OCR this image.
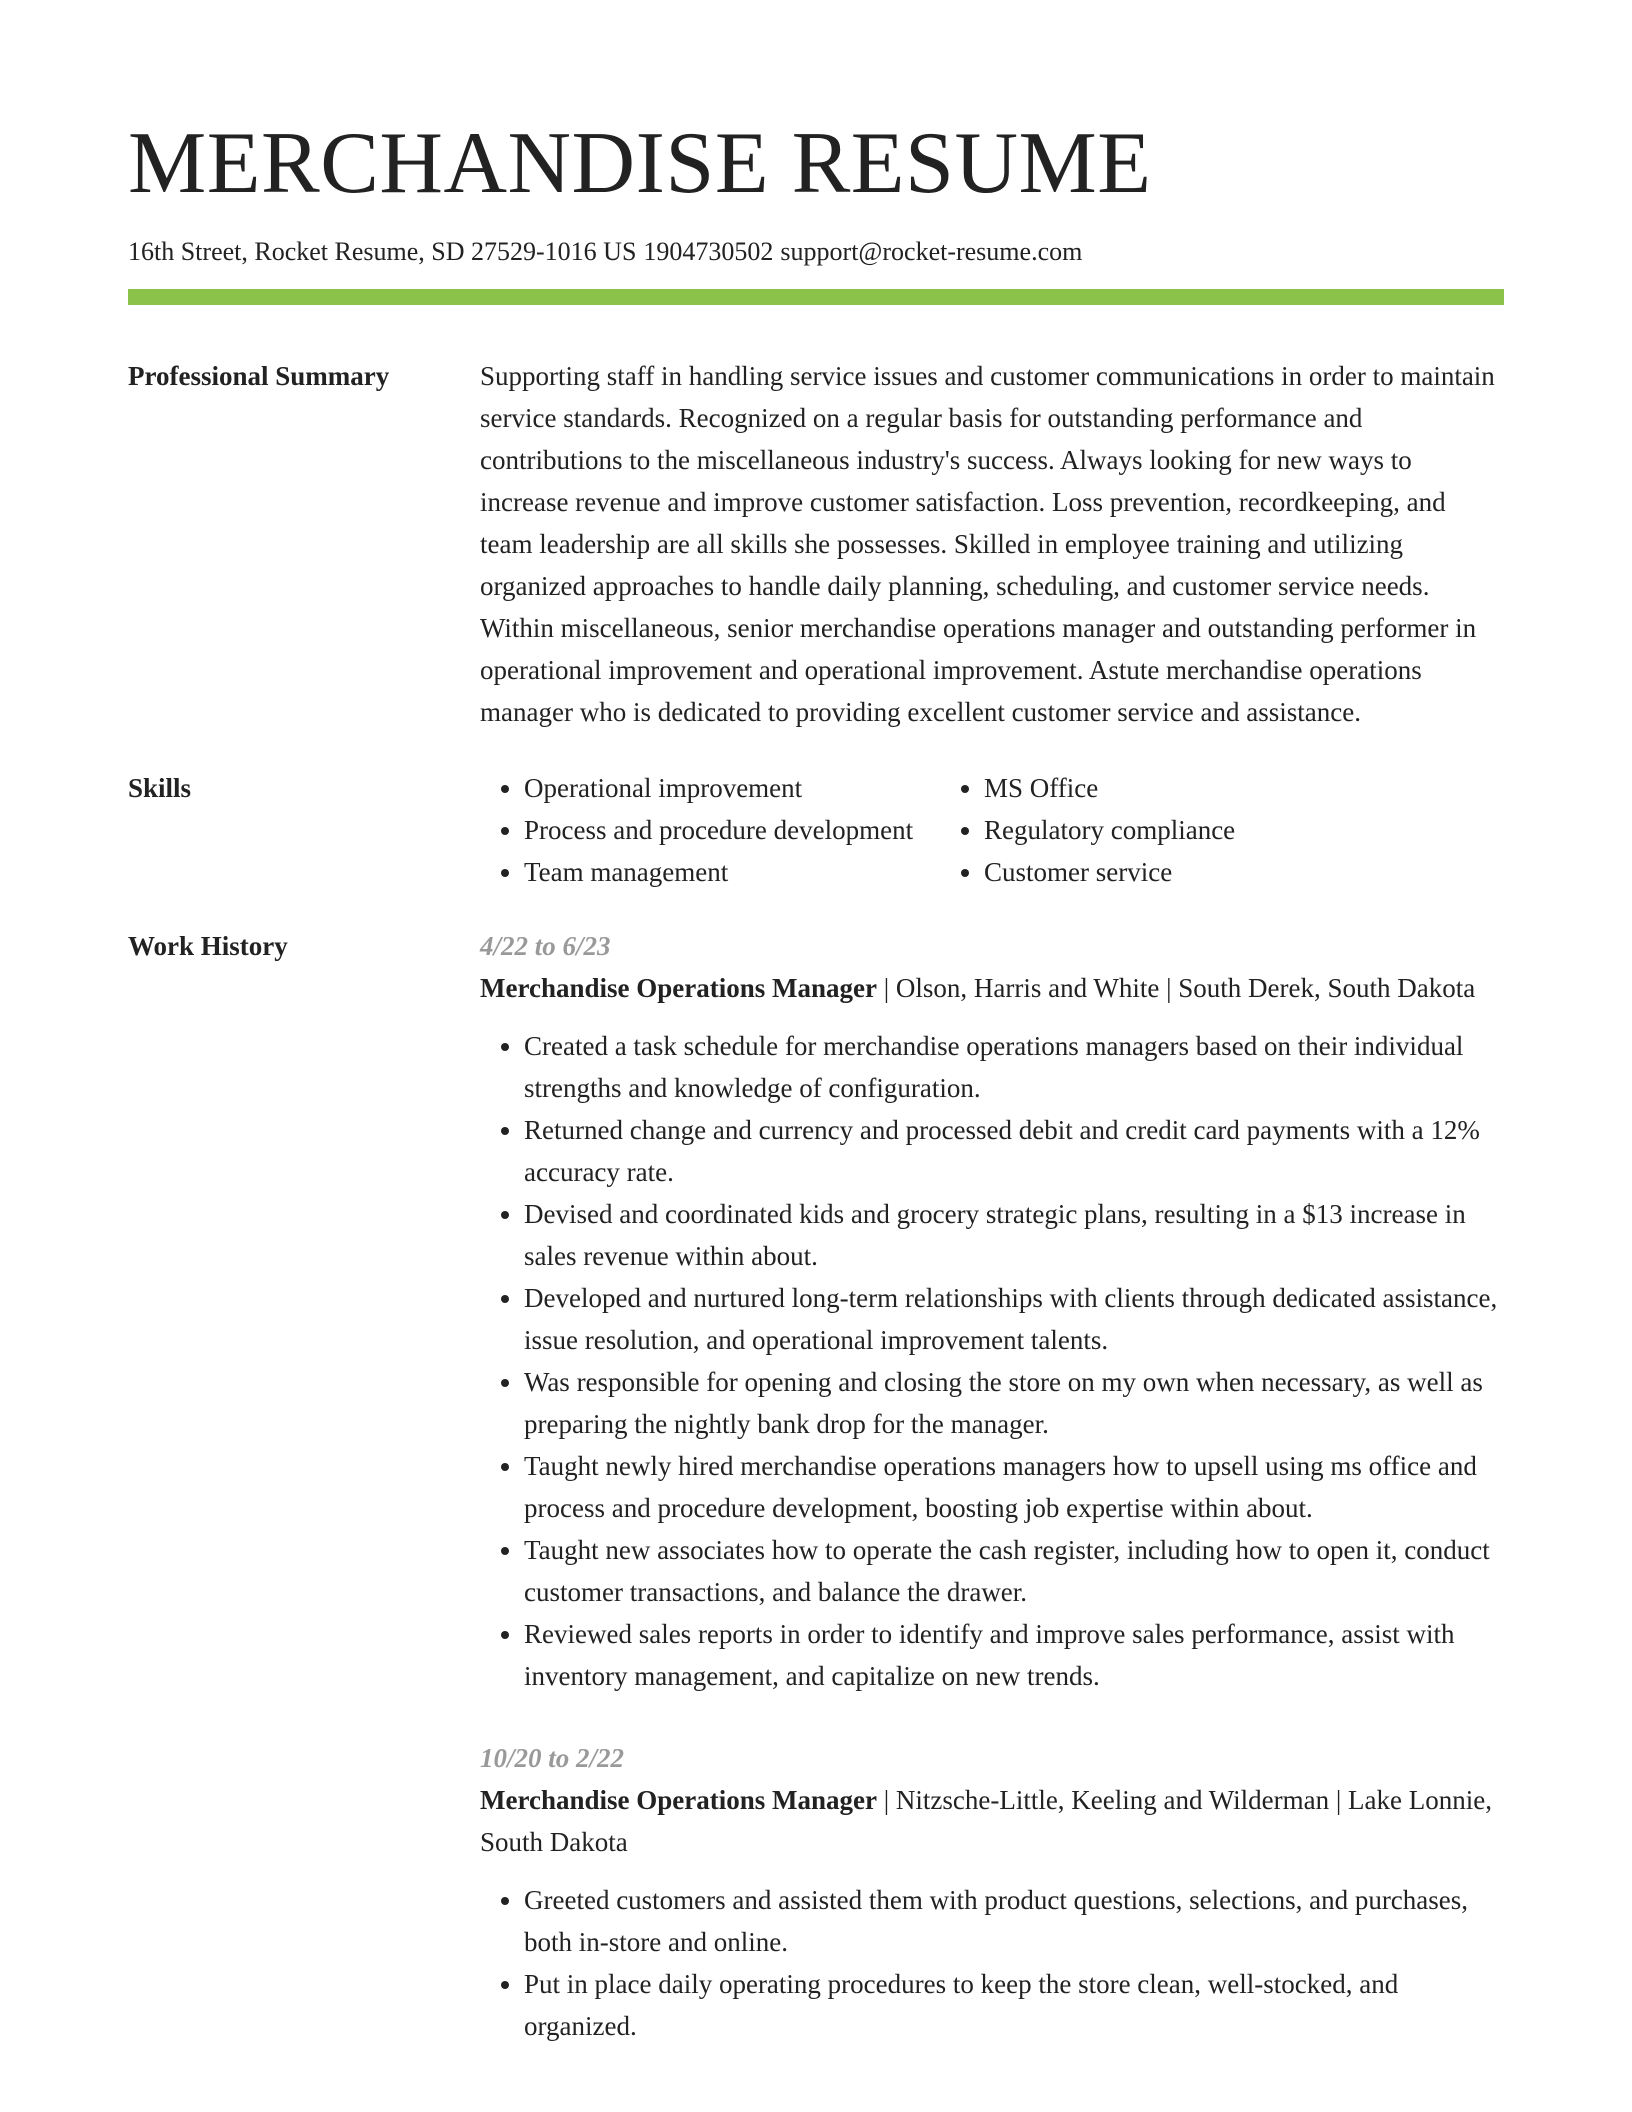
MERCHANDISE RESUME
16th Street, Rocket Resume, SD 27529-1016 US 1904730502 support@rocket-resume.com
Professional Summary	Supporting staff in handling service issues and customer communications in order to maintain service standards. Recognized on a regular basis for outstanding performance and contributions to the miscellaneous industry's success. Always looking for new ways to increase revenue and improve customer satisfaction. Loss prevention, recordkeeping, and team leadership are all skills she possesses. Skilled in employee training and utilizing organized approaches to handle daily planning, scheduling, and customer service needs. Within miscellaneous, senior merchandise operations manager and outstanding performer in operational improvement and operational improvement. Astute merchandise operations manager who is dedicated to providing excellent customer service and assistance.

Skills
•	Operational improvement
• Process and procedure development
• Team management
• MS Office
• Regulatory compliance
• Customer service
Work History	4/22 to 6/23
Merchandise Operations Manager | Olson, Harris and White | South Derek, South Dakota
• Created a task schedule for merchandise operations managers based on their individual strengths and knowledge of configuration.
• Returned change and currency and processed debit and credit card payments with a 12% accuracy rate.
• Devised and coordinated kids and grocery strategic plans, resulting in a $13 increase in sales revenue within about.
• Developed and nurtured long-term relationships with clients through dedicated assistance, issue resolution, and operational improvement talents.
• Was responsible for opening and closing the store on my own when necessary, as well as preparing the nightly bank drop for the manager.
• Taught newly hired merchandise operations managers how to upsell using ms office and process and procedure development, boosting job expertise within about.
• Taught new associates how to operate the cash register, including how to open it, conduct customer transactions, and balance the drawer.
• Reviewed sales reports in order to identify and improve sales performance, assist with inventory management, and capitalize on new trends.
10/20 to 2/22
Merchandise Operations Manager | Nitzsche-Little, Keeling and Wilderman | Lake Lonnie, South Dakota
• Greeted customers and assisted them with product questions, selections, and purchases, both in-store and online.
• Put in place daily operating procedures to keep the store clean, well-stocked, and organized.
